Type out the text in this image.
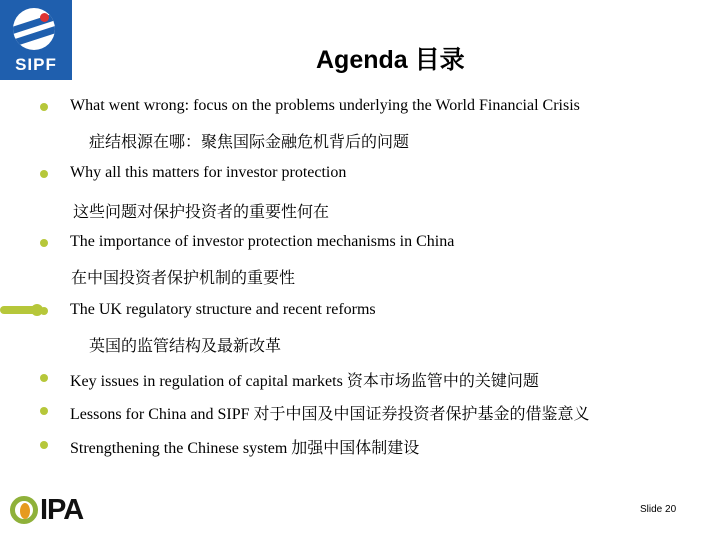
SIPF	Agenda 目录
What went wrong: focus on the problems underlying the World Financial Crisis
症结根源在哪：聚焦国际金融危机背后的问题
Why all this matters for investor protection
这些问题对保护投资者的重要性何在
The importance of investor protection mechanisms in China
在中国投资者保护机制的重要性
The UK regulatory structure and recent reforms
英国的监管结构及最新改革
Key issues in regulation of capital markets 资本市场监管中的关键问题
Lessons for China and SIPF 对于中国及中国证券投资者保护基金的借鉴意义
Strengthening the Chinese system 加强中国体制建设
IPA	Slide 20
